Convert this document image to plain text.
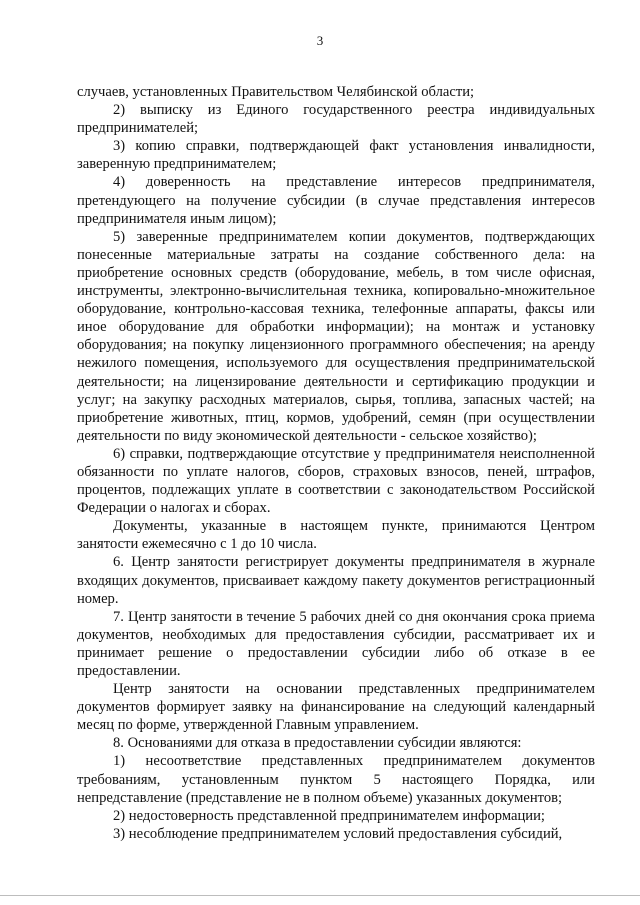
3

случаев, установленных Правительством Челябинской области;

2) выписку из Единого государственного реестра индивидуальных предпринимателей;

3) копию справки, подтверждающей факт установления инвалидности, заверенную предпринимателем;

4) доверенность на представление интересов предпринимателя, претендующего на получение субсидии (в случае представления интересов предпринимателя иным лицом);

5) заверенные предпринимателем копии документов, подтверждающих понесенные материальные затраты на создание собственного дела: на приобретение основных средств (оборудование, мебель, в том числе офисная, инструменты, электронно-вычислительная техника, копировально-множительное оборудование, контрольно-кассовая техника, телефонные аппараты, факсы или иное оборудование для обработки информации); на монтаж и установку оборудования; на покупку лицензионного программного обеспечения; на аренду нежилого помещения, используемого для осуществления предпринимательской деятельности; на лицензирование деятельности и сертификацию продукции и услуг; на закупку расходных материалов, сырья, топлива, запасных частей; на приобретение животных, птиц, кормов, удобрений, семян (при осуществлении деятельности по виду экономической деятельности - сельское хозяйство);

6) справки, подтверждающие отсутствие у предпринимателя неисполненной обязанности по уплате налогов, сборов, страховых взносов, пеней, штрафов, процентов, подлежащих уплате в соответствии с законодательством Российской Федерации о налогах и сборах.

Документы, указанные в настоящем пункте, принимаются Центром занятости ежемесячно с 1 до 10 числа.

6. Центр занятости регистрирует документы предпринимателя в журнале входящих документов, присваивает каждому пакету документов регистрационный номер.

7. Центр занятости в течение 5 рабочих дней со дня окончания срока приема документов, необходимых для предоставления субсидии, рассматривает их и принимает решение о предоставлении субсидии либо об отказе в ее предоставлении.

Центр занятости на основании представленных предпринимателем документов формирует заявку на финансирование на следующий календарный месяц по форме, утвержденной Главным управлением.

8. Основаниями для отказа в предоставлении субсидии являются:

1) несоответствие представленных предпринимателем документов требованиям, установленным пунктом 5 настоящего Порядка, или непредставление (представление не в полном объеме) указанных документов;

2) недостоверность представленной предпринимателем информации;

3) несоблюдение предпринимателем условий предоставления субсидий,
